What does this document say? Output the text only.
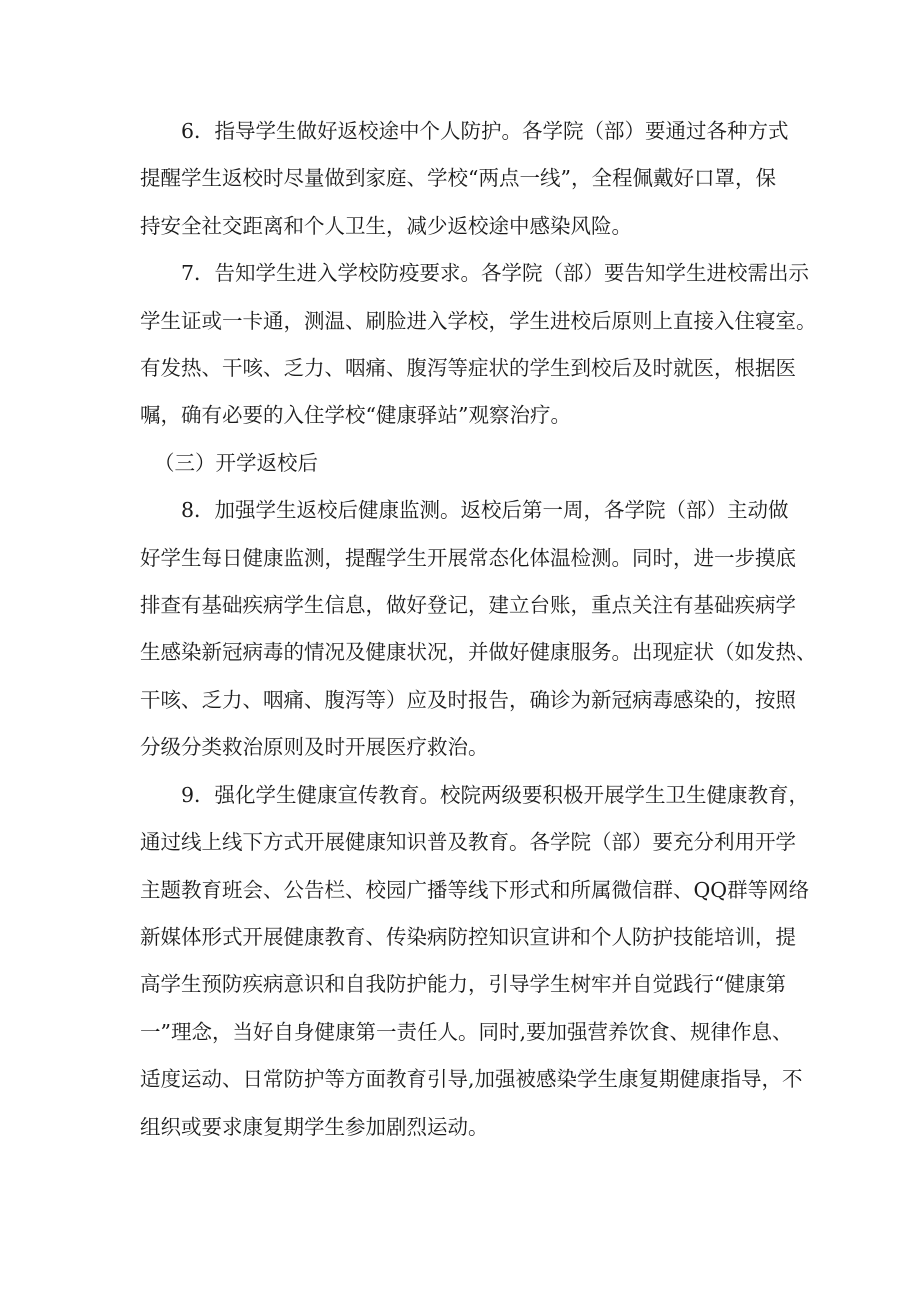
6．指导学生做好返校途中个人防护。各学院（部）要通过各种方式
提醒学生返校时尽量做到家庭、学校“两点一线”，全程佩戴好口罩，保
持安全社交距离和个人卫生，减少返校途中感染风险。

7．告知学生进入学校防疫要求。各学院（部）要告知学生进校需出示
学生证或一卡通，测温、刷脸进入学校，学生进校后原则上直接入住寝室。
有发热、干咳、乏力、咽痛、腹泻等症状的学生到校后及时就医，根据医
嘱，确有必要的入住学校“健康驿站”观察治疗。

（三）开学返校后

8．加强学生返校后健康监测。返校后第一周，各学院（部）主动做
好学生每日健康监测，提醒学生开展常态化体温检测。同时，进一步摸底
排查有基础疾病学生信息，做好登记，建立台账，重点关注有基础疾病学
生感染新冠病毒的情况及健康状况，并做好健康服务。出现症状（如发热、
干咳、乏力、咽痛、腹泻等）应及时报告，确诊为新冠病毒感染的，按照
分级分类救治原则及时开展医疗救治。

9．强化学生健康宣传教育。校院两级要积极开展学生卫生健康教育，
通过线上线下方式开展健康知识普及教育。各学院（部）要充分利用开学
主题教育班会、公告栏、校园广播等线下形式和所属微信群、QQ群等网络
新媒体形式开展健康教育、传染病防控知识宣讲和个人防护技能培训，提
高学生预防疾病意识和自我防护能力，引导学生树牢并自觉践行“健康第
一”理念，当好自身健康第一责任人。同时,要加强营养饮食、规律作息、
适度运动、日常防护等方面教育引导,加强被感染学生康复期健康指导，不
组织或要求康复期学生参加剧烈运动。
